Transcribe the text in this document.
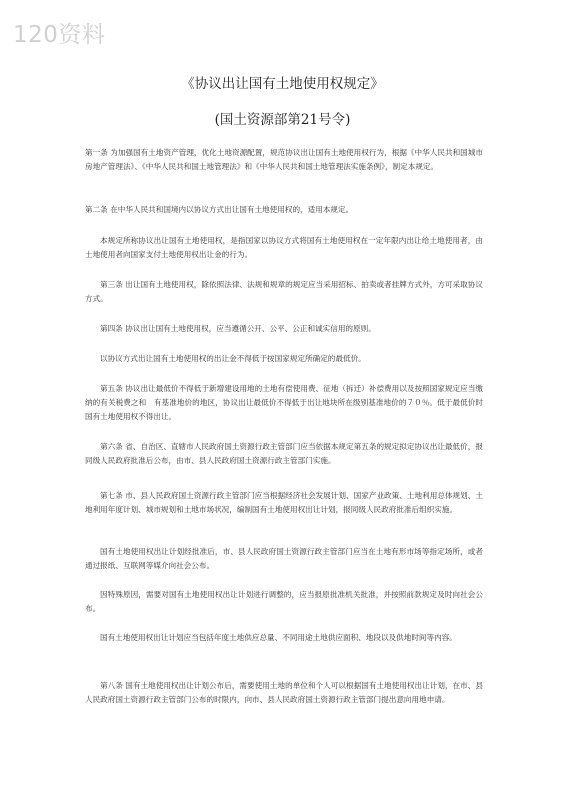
120资料
《协议出让国有土地使用权规定》
(国土资源部第21号令)

第一条 为加强国有土地资产管理，优化土地资源配置，规范协议出让国有土地使用权行为，根据《中华人民共和国城市房地产管理法》、《中华人民共和国土地管理法》和《中华人民共和国土地管理法实施条例》，制定本规定。

第二条 在中华人民共和国境内以协议方式出让国有土地使用权的，适用本规定。

本规定所称协议出让国有土地使用权，是指国家以协议方式将国有土地使用权在一定年限内出让给土地使用者，由土地使用者向国家支付土地使用权出让金的行为。

第三条 出让国有土地使用权，除依照法律、法规和规章的规定应当采用招标、拍卖或者挂牌方式外，方可采取协议方式。

第四条 协议出让国有土地使用权，应当遵循公开、公平、公正和诚实信用的原则。

以协议方式出让国有土地使用权的出让金不得低于按国家规定所确定的最低价。

第五条 协议出让最低价不得低于新增建设用地的土地有偿使用费、征地（拆迁）补偿费用以及按照国家规定应当缴纳的有关税费之和　有基准地价的地区，协议出让最低价不得低于出让地块所在级别基准地价的７０％。低于最低价时国有土地使用权不得出让。

第六条 省、自治区、直辖市人民政府国土资源行政主管部门应当依据本规定第五条的规定拟定协议出让最低价，报同级人民政府批准后公布，由市、县人民政府国土资源行政主管部门实施。

第七条 市、县人民政府国土资源行政主管部门应当根据经济社会发展计划、国家产业政策、土地利用总体规划、土地利用年度计划、城市规划和土地市场状况，编制国有土地使用权出让计划，报同级人民政府批准后组织实施。

国有土地使用权出让计划经批准后，市、县人民政府国土资源行政主管部门应当在土地有形市场等指定场所，或者通过报纸、互联网等媒介向社会公布。

因特殊原因，需要对国有土地使用权出让计划进行调整的，应当报原批准机关批准，并按照前款规定及时向社会公布。

国有土地使用权出让计划应当包括年度土地供应总量、不同用途土地供应面积、地段以及供地时间等内容。

第八条 国有土地使用权出让计划公布后，需要使用土地的单位和个人可以根据国有土地使用权出让计划，在市、县人民政府国土资源行政主管部门公布的时限内，向市、县人民政府国土资源行政主管部门提出意向用地申请。
